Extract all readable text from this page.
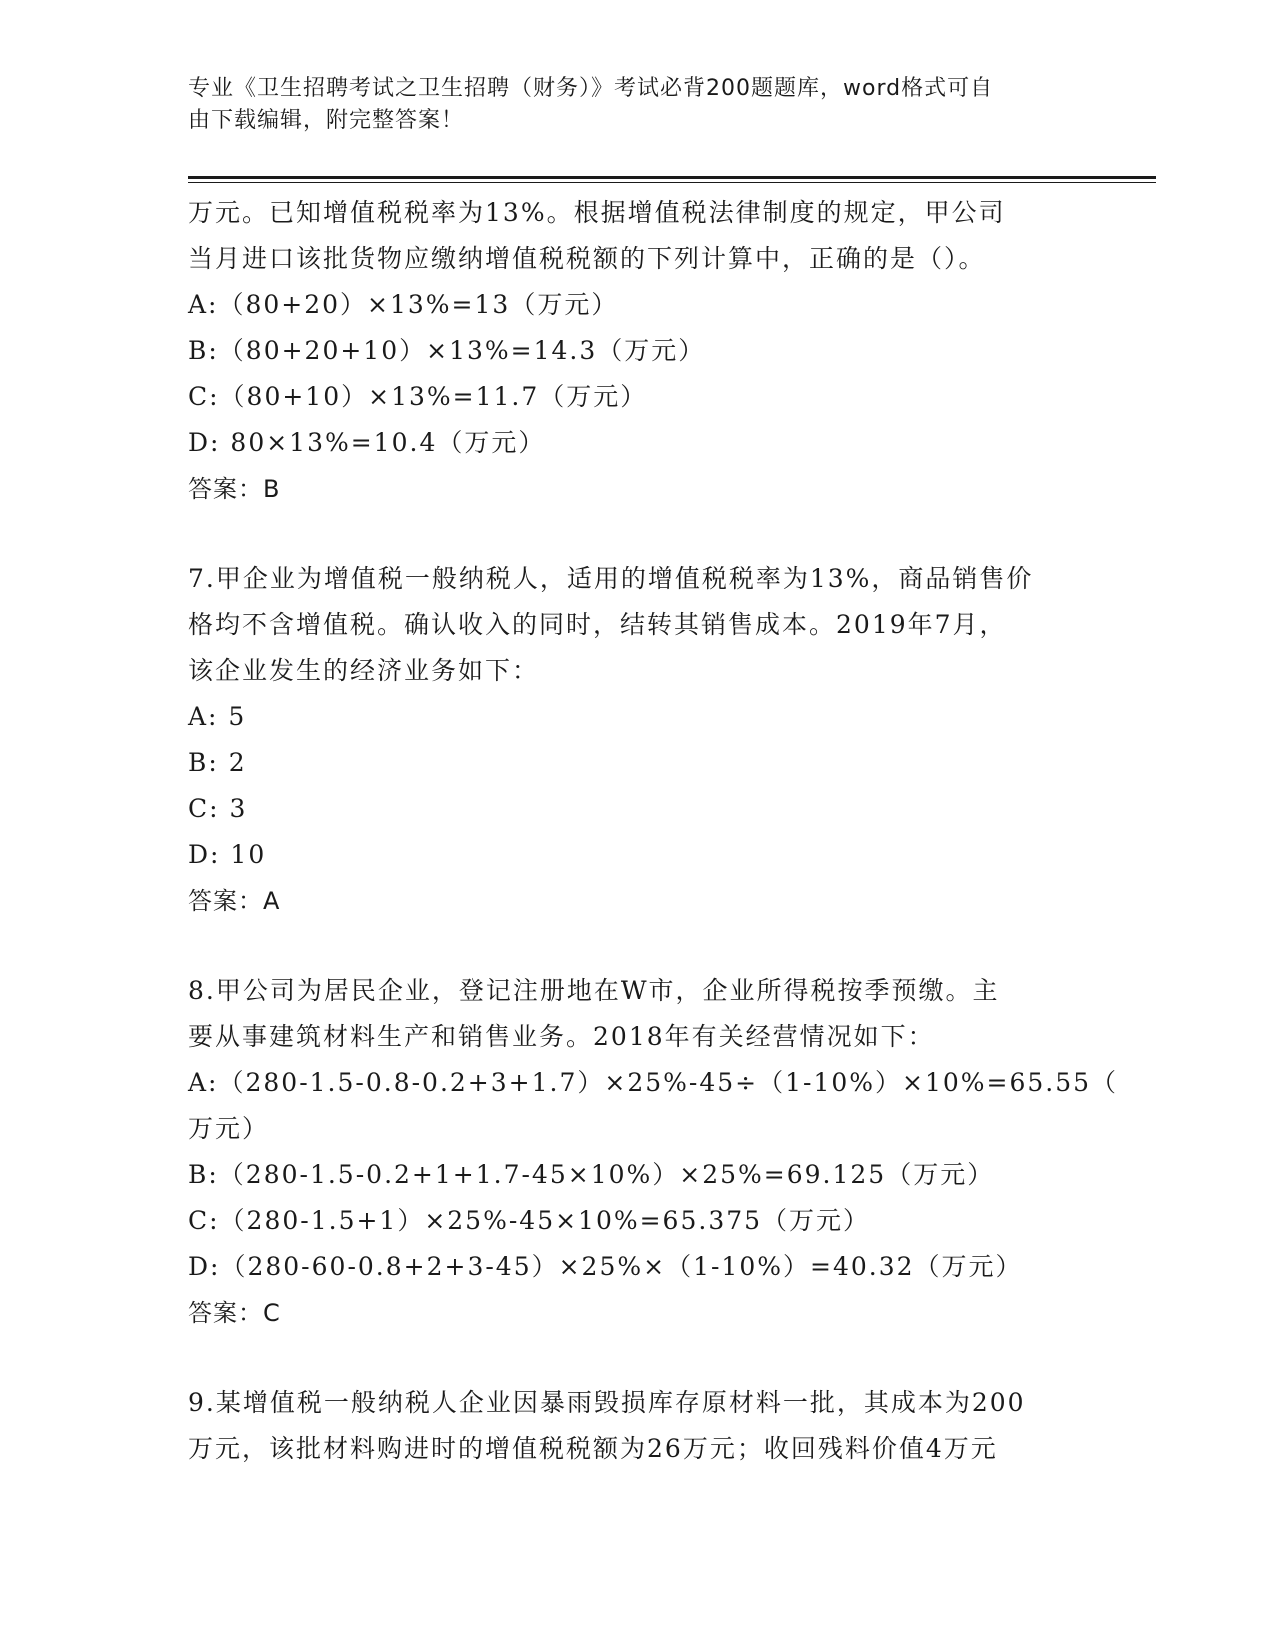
专业《卫生招聘考试之卫生招聘（财务）》考试必背200题题库，word格式可自
由下载编辑，附完整答案！
万元。已知增值税税率为13%。根据增值税法律制度的规定，甲公司
当月进口该批货物应缴纳增值税税额的下列计算中，正确的是（）。
A:（80+20）×13%=13（万元）
B:（80+20+10）×13%=14.3（万元）
C:（80+10）×13%=11.7（万元）
D: 80×13%=10.4（万元）
答案：B
7.甲企业为增值税一般纳税人，适用的增值税税率为13%，商品销售价
格均不含增值税。确认收入的同时，结转其销售成本。2019年7月，
该企业发生的经济业务如下：
A: 5
B: 2
C: 3
D: 10
答案：A
8.甲公司为居民企业，登记注册地在W市，企业所得税按季预缴。主
要从事建筑材料生产和销售业务。2018年有关经营情况如下：
A:（280-1.5-0.8-0.2+3+1.7）×25%-45÷（1-10%）×10%=65.55（
万元）
B:（280-1.5-0.2+1+1.7-45×10%）×25%=69.125（万元）
C:（280-1.5+1）×25%-45×10%=65.375（万元）
D:（280-60-0.8+2+3-45）×25%×（1-10%）=40.32（万元）
答案：C
9.某增值税一般纳税人企业因暴雨毁损库存原材料一批，其成本为200
万元，该批材料购进时的增值税税额为26万元；收回残料价值4万元
